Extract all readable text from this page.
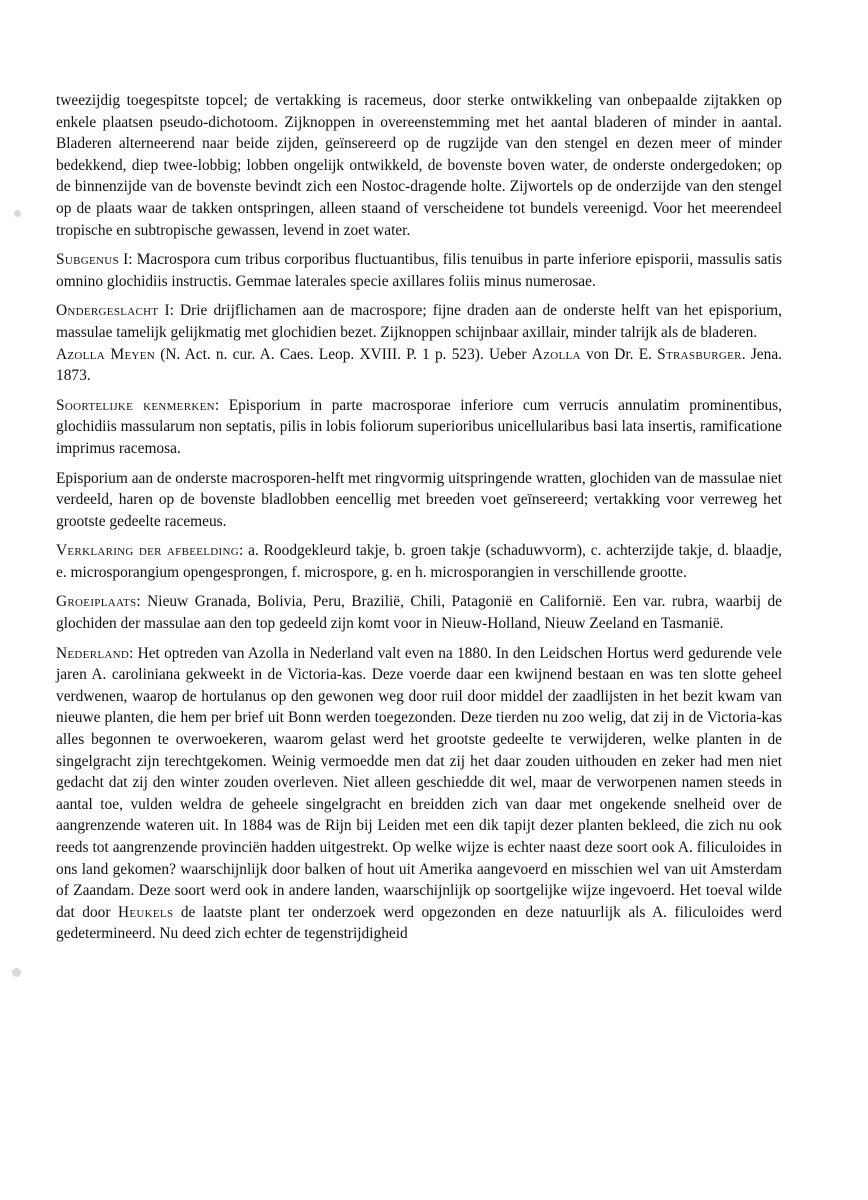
tweezijdig toegespitste topcel; de vertakking is racemeus, door sterke ontwikkeling van onbepaalde zijtakken op enkele plaatsen pseudo-dichotoom. Zijknoppen in overeenstemming met het aantal bladeren of minder in aantal. Bladeren alterneerend naar beide zijden, geïnsereerd op de rugzijde van den stengel en dezen meer of minder bedekkend, diep twee-lobbig; lobben ongelijk ontwikkeld, de bovenste boven water, de onderste ondergedoken; op de binnenzijde van de bovenste bevindt zich een Nostoc-dragende holte. Zijwortels op de onderzijde van den stengel op de plaats waar de takken ontspringen, alleen staand of verscheidene tot bundels vereenigd. Voor het meerendeel tropische en subtropische gewassen, levend in zoet water.

Subgenus I: Macrospora cum tribus corporibus fluctuantibus, filis tenuibus in parte inferiore episporii, massulis satis omnino glochidiis instructis. Gemmae laterales specie axillares foliis minus numerosae.

Ondergeslacht I: Drie drijflichamen aan de macrospore; fijne draden aan de onderste helft van het episporium, massulae tamelijk gelijkmatig met glochidien bezet. Zijknoppen schijnbaar axillair, minder talrijk als de bladeren.

Azolla Meyen (N. Act. n. cur. A. Caes. Leop. XVIII. P. 1 p. 523). Ueber Azolla von Dr. E. Strasburger. Jena. 1873.

Soortelijke kenmerken: Episporium in parte macrosporae inferiore cum verrucis annulatim prominentibus, glochidiis massularum non septatis, pilis in lobis foliorum superioribus unicellularibus basi lata insertis, ramificatione imprimus racemosa.

Episporium aan de onderste macrosporen-helft met ringvormig uitspringende wratten, glochiden van de massulae niet verdeeld, haren op de bovenste bladlobben eencellig met breeden voet geïnsereerd; vertakking voor verreweg het grootste gedeelte racemeus.

Verklaring der afbeelding: a. Roodgekleurd takje, b. groen takje (schaduwvorm), c. achterzijde takje, d. blaadje, e. microsporangium opengesprongen, f. microspore, g. en h. microsporangien in verschillende grootte.

Groeiplaats: Nieuw Granada, Bolivia, Peru, Brazilië, Chili, Patagonië en Californië. Een var. rubra, waarbij de glochiden der massulae aan den top gedeeld zijn komt voor in Nieuw-Holland, Nieuw Zeeland en Tasmanië.

Nederland: Het optreden van Azolla in Nederland valt even na 1880. In den Leidschen Hortus werd gedurende vele jaren A. caroliniana gekweekt in de Victoria-kas. Deze voerde daar een kwijnend bestaan en was ten slotte geheel verdwenen, waarop de hortulanus op den gewonen weg door ruil door middel der zaadlijsten in het bezit kwam van nieuwe planten, die hem per brief uit Bonn werden toegezonden. Deze tierden nu zoo welig, dat zij in de Victoria-kas alles begonnen te overwoekeren, waarom gelast werd het grootste gedeelte te verwijderen, welke planten in de singelgracht zijn terechtgekomen. Weinig vermoedde men dat zij het daar zouden uithouden en zeker had men niet gedacht dat zij den winter zouden overleven. Niet alleen geschiedde dit wel, maar de verworpenen namen steeds in aantal toe, vulden weldra de geheele singelgracht en breidden zich van daar met ongekende snelheid over de aangrenzende wateren uit. In 1884 was de Rijn bij Leiden met een dik tapijt dezer planten bekleed, die zich nu ook reeds tot aangrenzende provinciën hadden uitgestrekt. Op welke wijze is echter naast deze soort ook A. filiculoides in ons land gekomen? waarschijnlijk door balken of hout uit Amerika aangevoerd en misschien wel van uit Amsterdam of Zaandam. Deze soort werd ook in andere landen, waarschijnlijk op soortgelijke wijze ingevoerd. Het toeval wilde dat door Heukels de laatste plant ter onderzoek werd opgezonden en deze natuurlijk als A. filiculoides werd gedetermineerd. Nu deed zich echter de tegenstrijdigheid
